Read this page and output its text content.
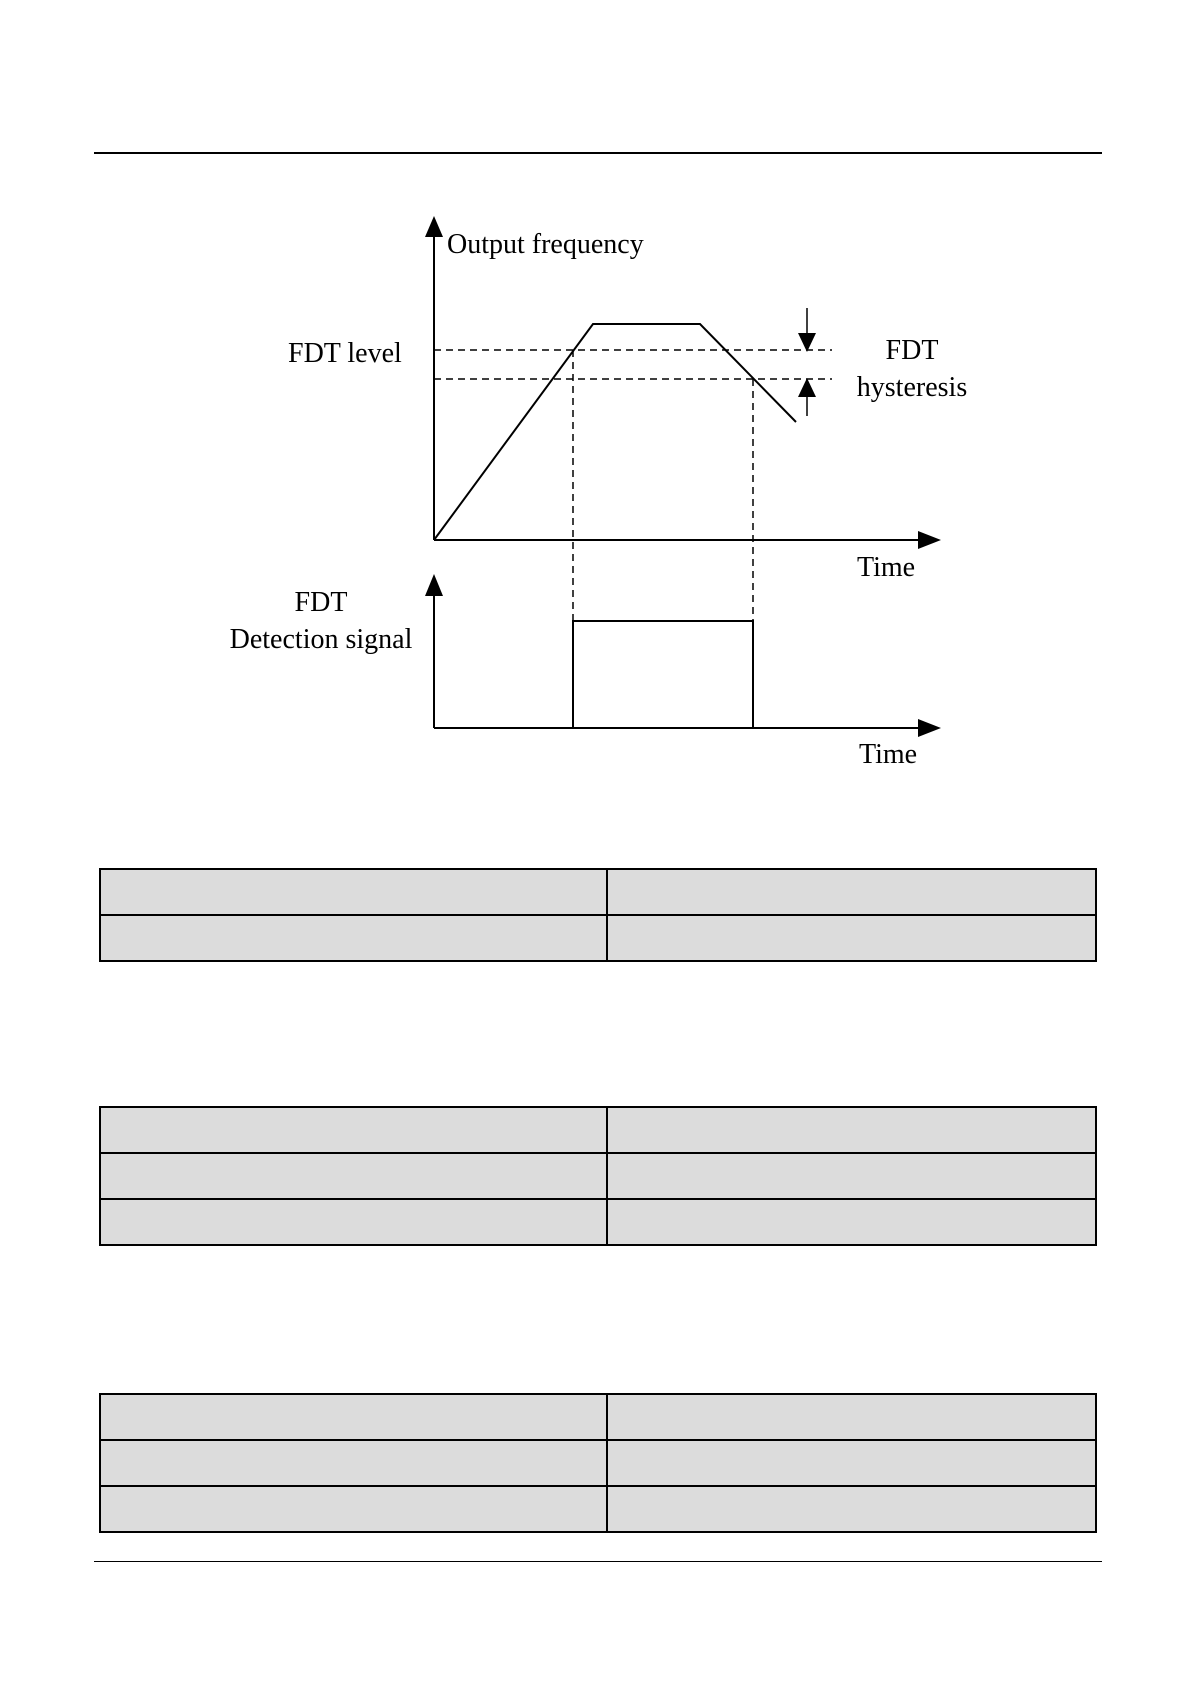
Output frequency
FDT level	FDT
hysteresis
Time
FDT
Detection signal
Time
